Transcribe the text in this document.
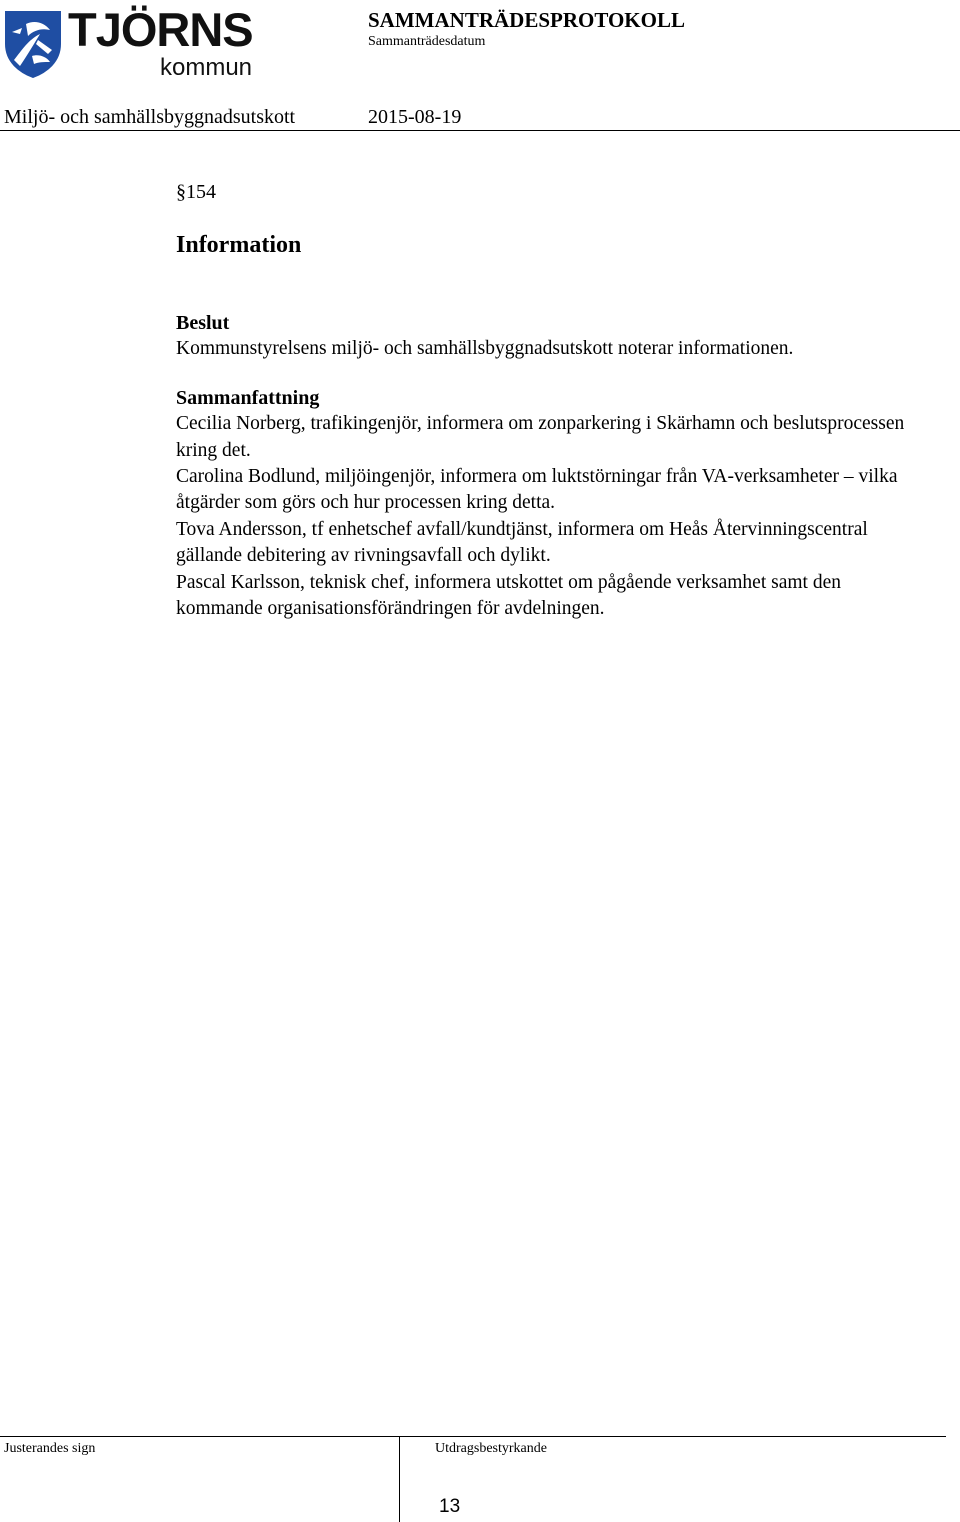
TJÖRNS
kommun
SAMMANTRÄDESPROTOKOLL
Sammanträdesdatum
Miljö- och samhällsbyggnadsutskott	2015-08-19

§154

Information

Beslut

Kommunstyrelsens miljö- och samhällsbyggnadsutskott noterar informationen.

Sammanfattning

Cecilia Norberg, trafikingenjör, informera om zonparkering i Skärhamn och beslutsprocessen kring det.

Carolina Bodlund, miljöingenjör, informera om luktstörningar från VA-verksamheter – vilka åtgärder som görs och hur processen kring detta.

Tova Andersson, tf enhetschef avfall/kundtjänst, informera om Heås Återvinningscentral gällande debitering av rivningsavfall och dylikt.

Pascal Karlsson, teknisk chef, informera utskottet om pågående verksamhet samt den kommande organisationsförändringen för avdelningen.

Justerandes sign	Utdragsbestyrkande
13
